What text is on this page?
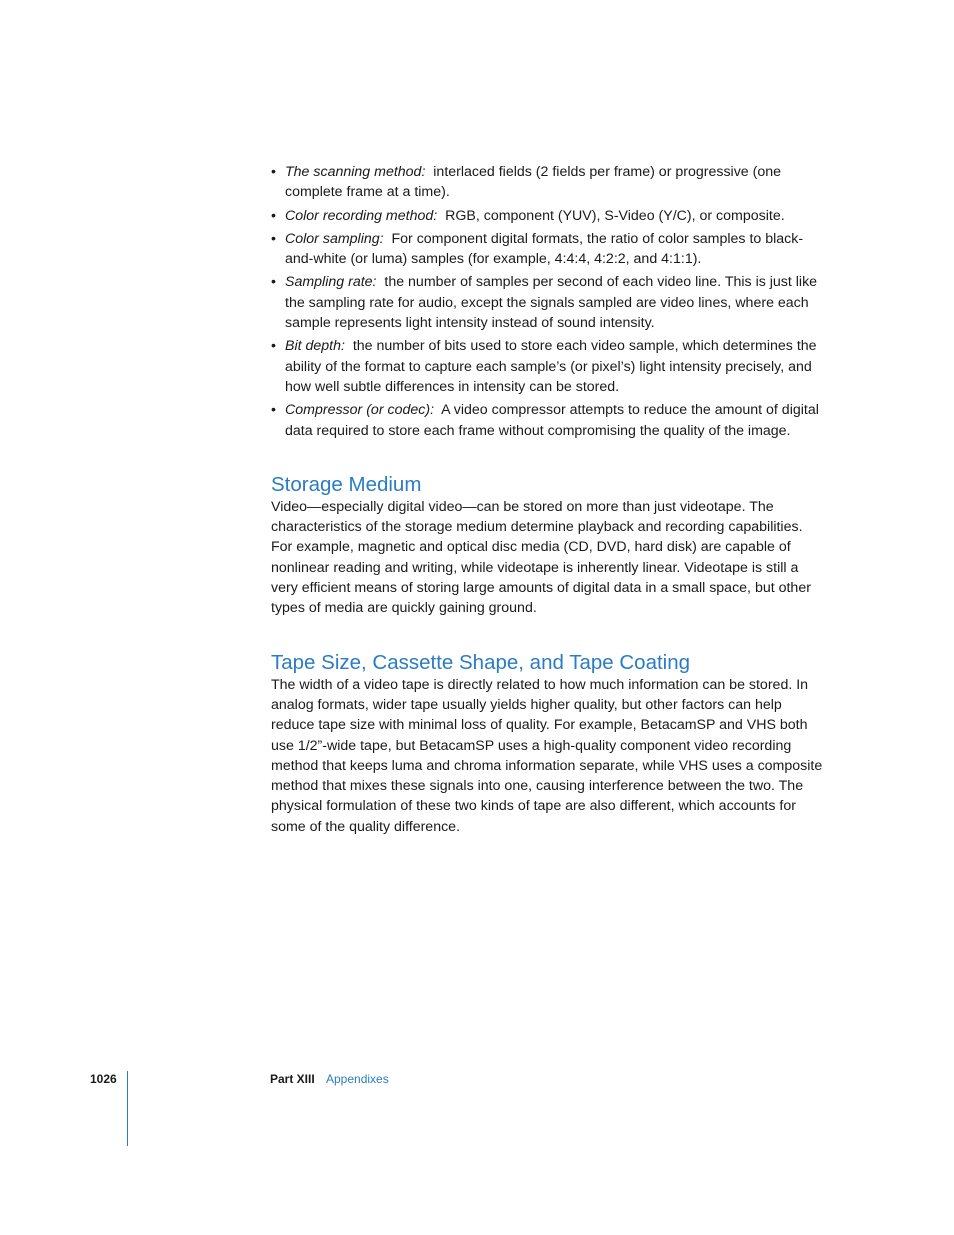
• The scanning method: interlaced fields (2 fields per frame) or progressive (one complete frame at a time).
• Color recording method: RGB, component (YUV), S-Video (Y/C), or composite.
• Color sampling: For component digital formats, the ratio of color samples to black-and-white (or luma) samples (for example, 4:4:4, 4:2:2, and 4:1:1).
• Sampling rate: the number of samples per second of each video line. This is just like the sampling rate for audio, except the signals sampled are video lines, where each sample represents light intensity instead of sound intensity.
• Bit depth: the number of bits used to store each video sample, which determines the ability of the format to capture each sample’s (or pixel’s) light intensity precisely, and how well subtle differences in intensity can be stored.
• Compressor (or codec): A video compressor attempts to reduce the amount of digital data required to store each frame without compromising the quality of the image.
Storage Medium

Video—especially digital video—can be stored on more than just videotape. The characteristics of the storage medium determine playback and recording capabilities. For example, magnetic and optical disc media (CD, DVD, hard disk) are capable of nonlinear reading and writing, while videotape is inherently linear. Videotape is still a very efficient means of storing large amounts of digital data in a small space, but other types of media are quickly gaining ground.

Tape Size, Cassette Shape, and Tape Coating

The width of a video tape is directly related to how much information can be stored. In analog formats, wider tape usually yields higher quality, but other factors can help reduce tape size with minimal loss of quality. For example, BetacamSP and VHS both use 1/2”-wide tape, but BetacamSP uses a high-quality component video recording method that keeps luma and chroma information separate, while VHS uses a composite method that mixes these signals into one, causing interference between the two. The physical formulation of these two kinds of tape are also different, which accounts for some of the quality difference.

1026	Part XIII Appendixes
